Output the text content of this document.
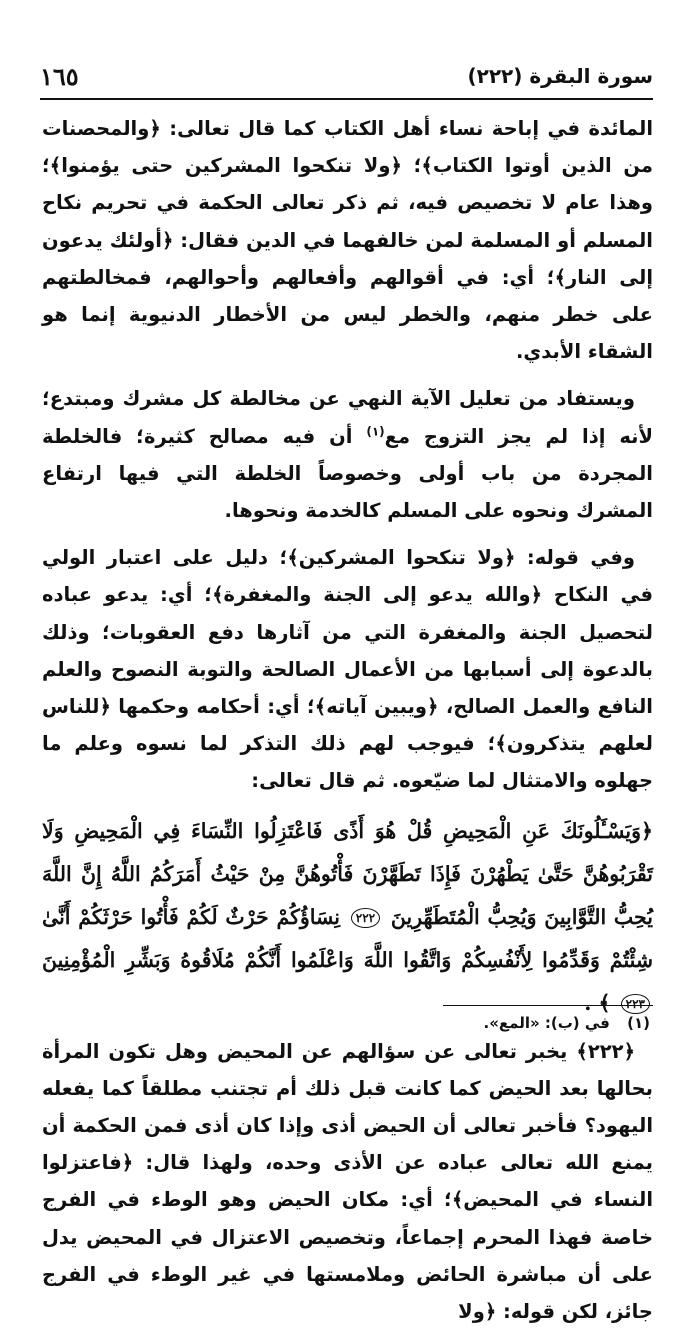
١٦٥	سورة البقرة (٢٢٢)

المائدة في إباحة نساء أهل الكتاب كما قال تعالى: ﴿والمحصنات من الذين أوتوا الكتاب﴾؛ ﴿ولا تنكحوا المشركين حتى يؤمنوا﴾؛ وهذا عام لا تخصيص فيه، ثم ذكر تعالى الحكمة في تحريم نكاح المسلم أو المسلمة لمن خالفهما في الدين فقال: ﴿أولئك يدعون إلى النار﴾؛ أي: في أقوالهم وأفعالهم وأحوالهم، فمخالطتهم على خطر منهم، والخطر ليس من الأخطار الدنيوية إنما هو الشقاء الأبدي.

ويستفاد من تعليل الآية النهي عن مخالطة كل مشرك ومبتدع؛ لأنه إذا لم يجز التزوج مع$^{(١)}$ أن فيه مصالح كثيرة؛ فالخلطة المجردة من باب أولى وخصوصاً الخلطة التي فيها ارتفاع المشرك ونحوه على المسلم كالخدمة ونحوها.

وفي قوله: ﴿ولا تنكحوا المشركين﴾؛ دليل على اعتبار الولي في النكاح ﴿والله يدعو إلى الجنة والمغفرة﴾؛ أي: يدعو عباده لتحصيل الجنة والمغفرة التي من آثارها دفع العقوبات؛ وذلك بالدعوة إلى أسبابها من الأعمال الصالحة والتوبة النصوح والعلم النافع والعمل الصالح، ﴿ويبين آياته﴾؛ أي: أحكامه وحكمها ﴿للناس لعلهم يتذكرون﴾؛ فيوجب لهم ذلك التذكر لما نسوه وعلم ما جهلوه والامتثال لما ضيّعوه. ثم قال تعالى:

﴿وَيَسْـَٔلُونَكَ عَنِ الْمَحِيضِ قُلْ هُوَ أَذًى فَاعْتَزِلُوا النِّسَاءَ فِي الْمَحِيضِ وَلَا تَقْرَبُوهُنَّ حَتَّىٰ يَطْهُرْنَ فَإِذَا تَطَهَّرْنَ فَأْتُوهُنَّ مِنْ حَيْثُ أَمَرَكُمُ اللَّهُ إِنَّ اللَّهَ يُحِبُّ التَّوَّابِينَ وَيُحِبُّ الْمُتَطَهِّرِينَ ٢٢٢ نِسَاؤُكُمْ حَرْثٌ لَكُمْ فَأْتُوا حَرْثَكُمْ أَنَّىٰ شِئْتُمْ وَقَدِّمُوا لِأَنْفُسِكُمْ وَاتَّقُوا اللَّهَ وَاعْلَمُوا أَنَّكُمْ مُلَاقُوهُ وَبَشِّرِ الْمُؤْمِنِينَ ٢٢٣ ﴾ .

﴿٢٢٢﴾ يخبر تعالى عن سؤالهم عن المحيض وهل تكون المرأة بحالها بعد الحيض كما كانت قبل ذلك أم تجتنب مطلقاً كما يفعله اليهود؟ فأخبر تعالى أن الحيض أذى وإذا كان أذى فمن الحكمة أن يمنع الله تعالى عباده عن الأذى وحده، ولهذا قال: ﴿فاعتزلوا النساء في المحيض﴾؛ أي: مكان الحيض وهو الوطء في الفرج خاصة فهذا المحرم إجماعاً، وتخصيص الاعتزال في المحيض يدل على أن مباشرة الحائض وملامستها في غير الوطء في الفرج جائز، لكن قوله: ﴿ولا

(١) في (ب): «المع».
